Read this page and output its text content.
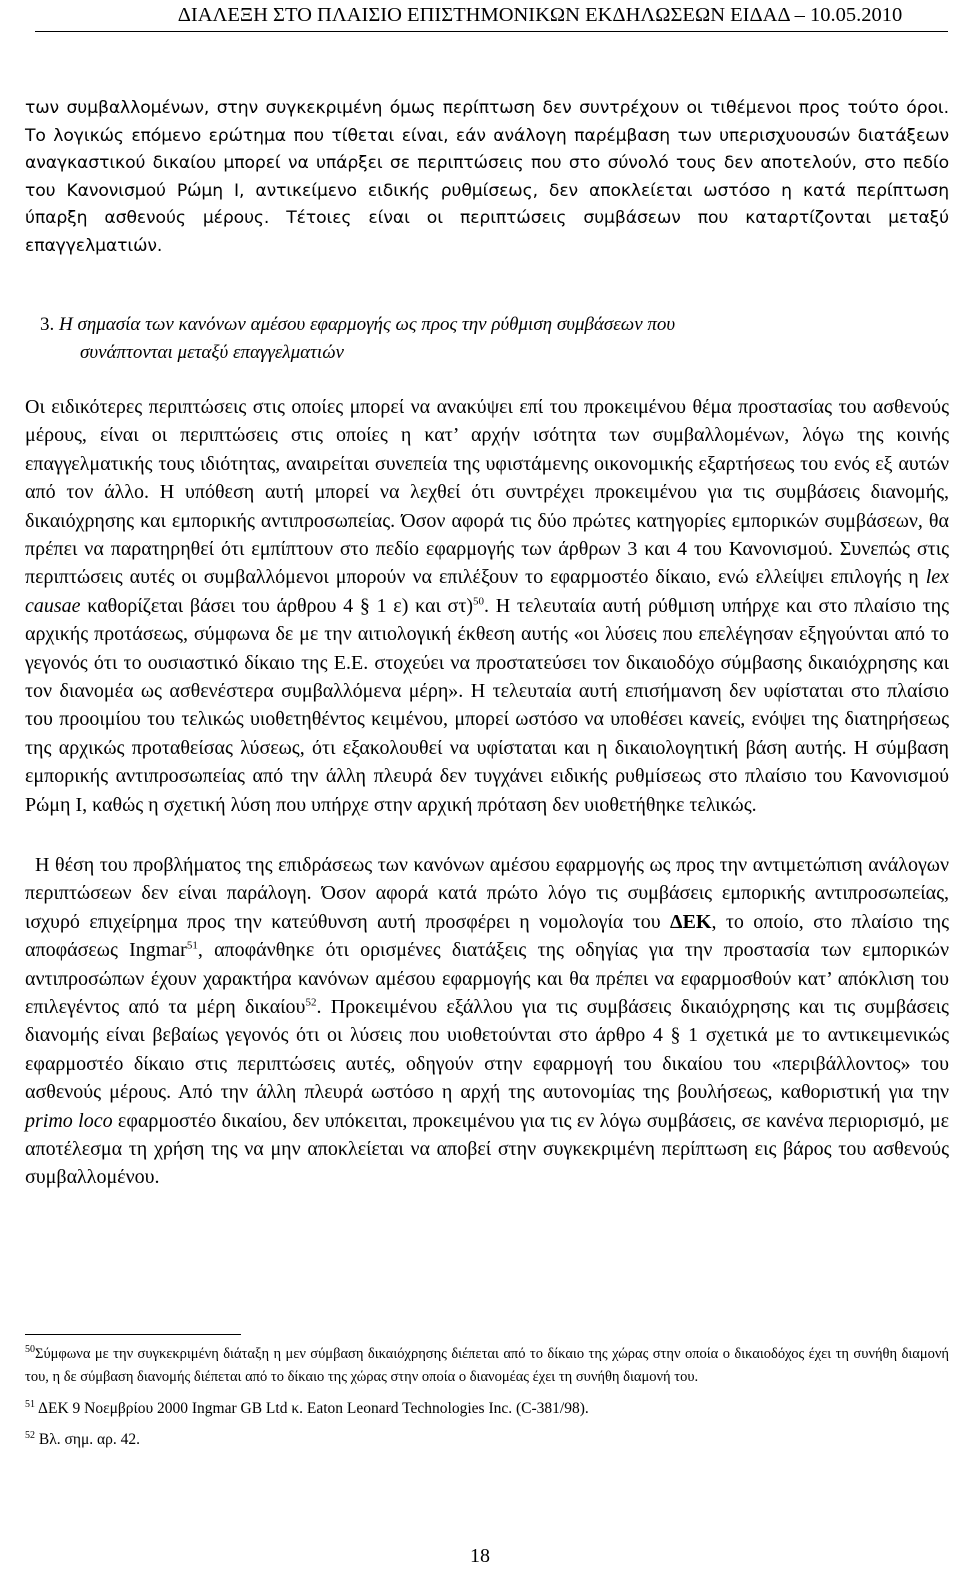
ΔΙΑΛΕΞΗ ΣΤΟ ΠΛΑΙΣΙΟ ΕΠΙΣΤΗΜΟΝΙΚΩΝ ΕΚΔΗΛΩΣΕΩΝ ΕΙΔΑΔ – 10.05.2010

των συμβαλλομένων, στην συγκεκριμένη όμως περίπτωση δεν συντρέχουν οι τιθέμενοι προς τούτο όροι. Το λογικώς επόμενο ερώτημα που τίθεται είναι, εάν ανάλογη παρέμβαση των υπερισχυουσών διατάξεων αναγκαστικού δικαίου μπορεί να υπάρξει σε περιπτώσεις που στο σύνολό τους δεν αποτελούν, στο πεδίο του Κανονισμού Ρώμη Ι, αντικείμενο ειδικής ρυθμίσεως, δεν αποκλείεται ωστόσο η κατά περίπτωση ύπαρξη ασθενούς μέρους. Τέτοιες είναι οι περιπτώσεις συμβάσεων που καταρτίζονται μεταξύ επαγγελματιών.

3. Η σημασία των κανόνων αμέσου εφαρμογής ως προς την ρύθμιση συμβάσεων που
συνάπτονται μεταξύ επαγγελματιών

Οι ειδικότερες περιπτώσεις στις οποίες μπορεί να ανακύψει επί του προκειμένου θέμα προστασίας του ασθενούς μέρους, είναι οι περιπτώσεις στις οποίες η κατ’ αρχήν ισότητα των συμβαλλομένων, λόγω της κοινής επαγγελματικής τους ιδιότητας, αναιρείται συνεπεία της υφιστάμενης οικονομικής εξαρτήσεως του ενός εξ αυτών από τον άλλο. Η υπόθεση αυτή μπορεί να λεχθεί ότι συντρέχει προκειμένου για τις συμβάσεις διανομής, δικαιόχρησης και εμπορικής αντιπροσωπείας. Όσον αφορά τις δύο πρώτες κατηγορίες εμπορικών συμβάσεων, θα πρέπει να παρατηρηθεί ότι εμπίπτουν στο πεδίο εφαρμογής των άρθρων 3 και 4 του Κανονισμού. Συνεπώς στις περιπτώσεις αυτές οι συμβαλλόμενοι μπορούν να επιλέξουν το εφαρμοστέο δίκαιο, ενώ ελλείψει επιλογής η lex causae καθορίζεται βάσει του άρθρου 4 § 1 ε) και στ)$^{50}$. Η τελευταία αυτή ρύθμιση υπήρχε και στο πλαίσιο της αρχικής προτάσεως, σύμφωνα δε με την αιτιολογική έκθεση αυτής «οι λύσεις που επελέγησαν εξηγούνται από το γεγονός ότι το ουσιαστικό δίκαιο της Ε.Ε. στοχεύει να προστατεύσει τον δικαιοδόχο σύμβασης δικαιόχρησης και τον διανομέα ως ασθενέστερα συμβαλλόμενα μέρη». Η τελευταία αυτή επισήμανση δεν υφίσταται στο πλαίσιο του προοιμίου του τελικώς υιοθετηθέντος κειμένου, μπορεί ωστόσο να υποθέσει κανείς, ενόψει της διατηρήσεως της αρχικώς προταθείσας λύσεως, ότι εξακολουθεί να υφίσταται και η δικαιολογητική βάση αυτής. Η σύμβαση εμπορικής αντιπροσωπείας από την άλλη πλευρά δεν τυγχάνει ειδικής ρυθμίσεως στο πλαίσιο του Κανονισμού Ρώμη Ι, καθώς η σχετική λύση που υπήρχε στην αρχική πρόταση δεν υιοθετήθηκε τελικώς.

Η θέση του προβλήματος της επιδράσεως των κανόνων αμέσου εφαρμογής ως προς την αντιμετώπιση ανάλογων περιπτώσεων δεν είναι παράλογη. Όσον αφορά κατά πρώτο λόγο τις συμβάσεις εμπορικής αντιπροσωπείας, ισχυρό επιχείρημα προς την κατεύθυνση αυτή προσφέρει η νομολογία του ΔΕΚ, το οποίο, στο πλαίσιο της αποφάσεως Ingmar$^{51}$, αποφάνθηκε ότι ορισμένες διατάξεις της οδηγίας για την προστασία των εμπορικών αντιπροσώπων έχουν χαρακτήρα κανόνων αμέσου εφαρμογής και θα πρέπει να εφαρμοσθούν κατ’ απόκλιση του επιλεγέντος από τα μέρη δικαίου$^{52}$. Προκειμένου εξάλλου για τις συμβάσεις δικαιόχρησης και τις συμβάσεις διανομής είναι βεβαίως γεγονός ότι οι λύσεις που υιοθετούνται στο άρθρο 4 § 1 σχετικά με το αντικειμενικώς εφαρμοστέο δίκαιο στις περιπτώσεις αυτές, οδηγούν στην εφαρμογή του δικαίου του «περιβάλλοντος» του ασθενούς μέρους. Από την άλλη πλευρά ωστόσο η αρχή της αυτονομίας της βουλήσεως, καθοριστική για την primo loco εφαρμοστέο δικαίου, δεν υπόκειται, προκειμένου για τις εν λόγω συμβάσεις, σε κανένα περιορισμό, με αποτέλεσμα τη χρήση της να μην αποκλείεται να αποβεί στην συγκεκριμένη περίπτωση εις βάρος του ασθενούς συμβαλλομένου.

$^{50}$Σύμφωνα με την συγκεκριμένη διάταξη η μεν σύμβαση δικαιόχρησης διέπεται από το δίκαιο της χώρας στην οποία ο δικαιοδόχος έχει τη συνήθη διαμονή του, η δε σύμβαση διανομής διέπεται από το δίκαιο της χώρας στην οποία ο διανομέας έχει τη συνήθη διαμονή του.

$^{51}$ ΔΕΚ 9 Νοεμβρίου 2000 Ingmar GB Ltd κ. Eaton Leonard Technologies Inc. (C-381/98).

$^{52}$ Βλ. σημ. αρ. 42.

18
